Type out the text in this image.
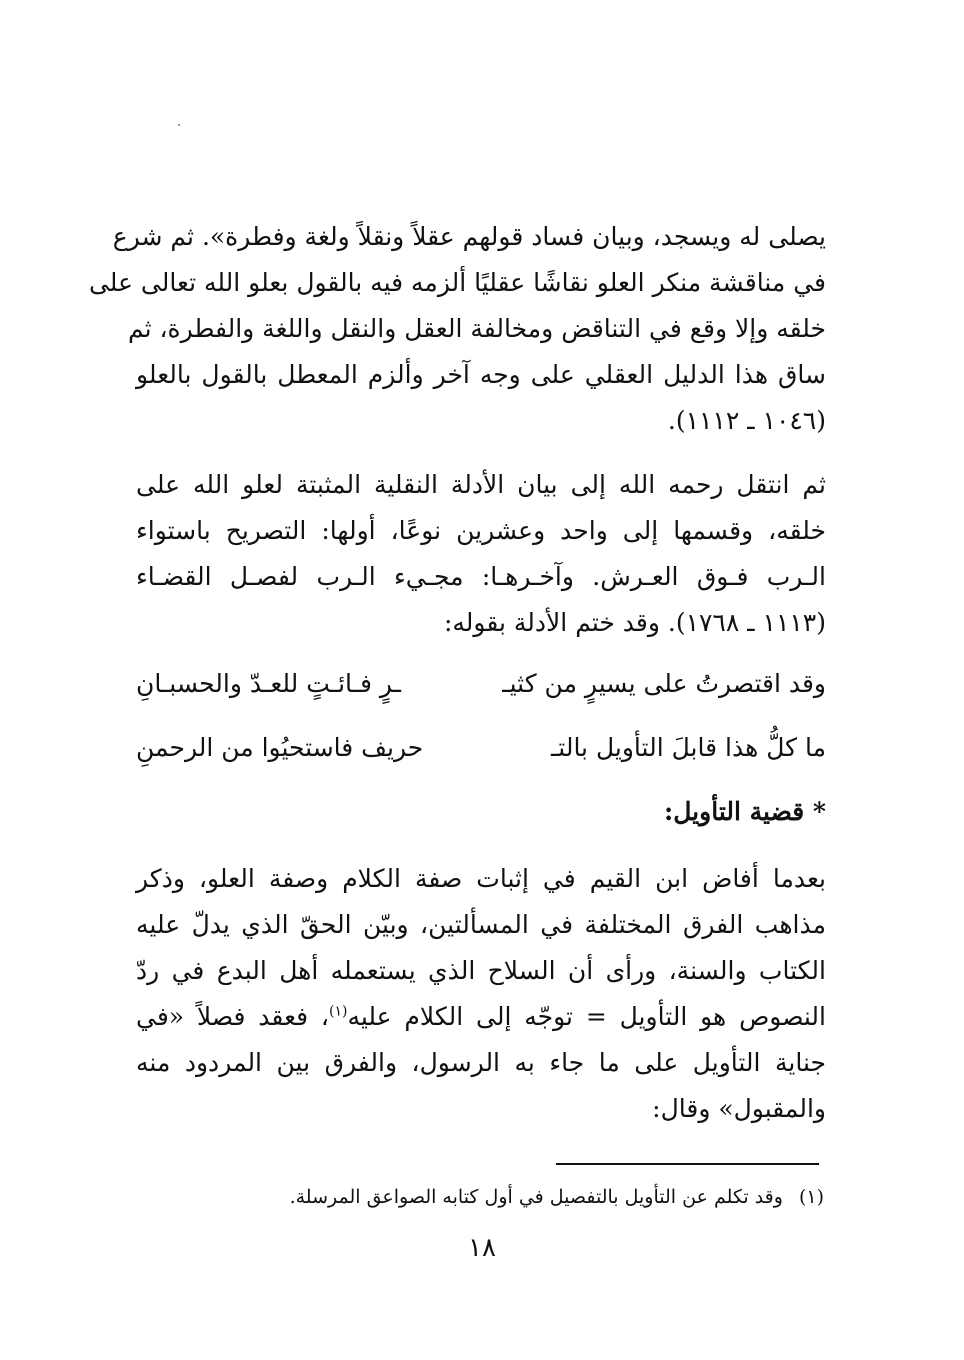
يصلى له ويسجد، وبيان فساد قولهم عقلاً ونقلاً ولغة وفطرة». ثم شرع
في مناقشة منكر العلو نقاشًا عقليًا ألزمه فيه بالقول بعلو الله تعالى على
خلقه وإلا وقع في التناقض ومخالفة العقل والنقل واللغة والفطرة، ثم
ساق هذا الدليل العقلي على وجه آخر وألزم المعطل بالقول بالعلو
(١٠٤٦ ـ ١١١٢).
ثم انتقل رحمه الله إلى بيان الأدلة النقلية المثبتة لعلو الله على
خلقه، وقسمها إلى واحد وعشرين نوعًا، أولها: التصريح باستواء
الـرب فـوق العـرش. وآخـرهـا: مجـيء الـرب لفصـل القضـاء
(١١١٣ ـ ١٧٦٨). وقد ختم الأدلة بقوله:
وقد اقتصرتُ على يسيرٍ من كثيـ
ـرٍ فـائـتٍ للعـدّ والحسبـانِ
ما كلُّ هذا قابلَ التأويل بالتـ
حريف فاستحيُوا من الرحمنِ
* قضية التأويل:
بعدما أفاض ابن القيم في إثبات صفة الكلام وصفة العلو، وذكر
مذاهب الفرق المختلفة في المسألتين، وبيّن الحقّ الذي يدلّ عليه
الكتاب والسنة، ورأى أن السلاح الذي يستعمله أهل البدع في ردّ
النصوص هو التأويل = توجّه إلى الكلام عليه$^{(١)}$، فعقد فصلاً «في
جناية التأويل على ما جاء به الرسول، والفرق بين المردود منه
والمقبول» وقال:
(١)وقد تكلم عن التأويل بالتفصيل في أول كتابه الصواعق المرسلة.
١٨
